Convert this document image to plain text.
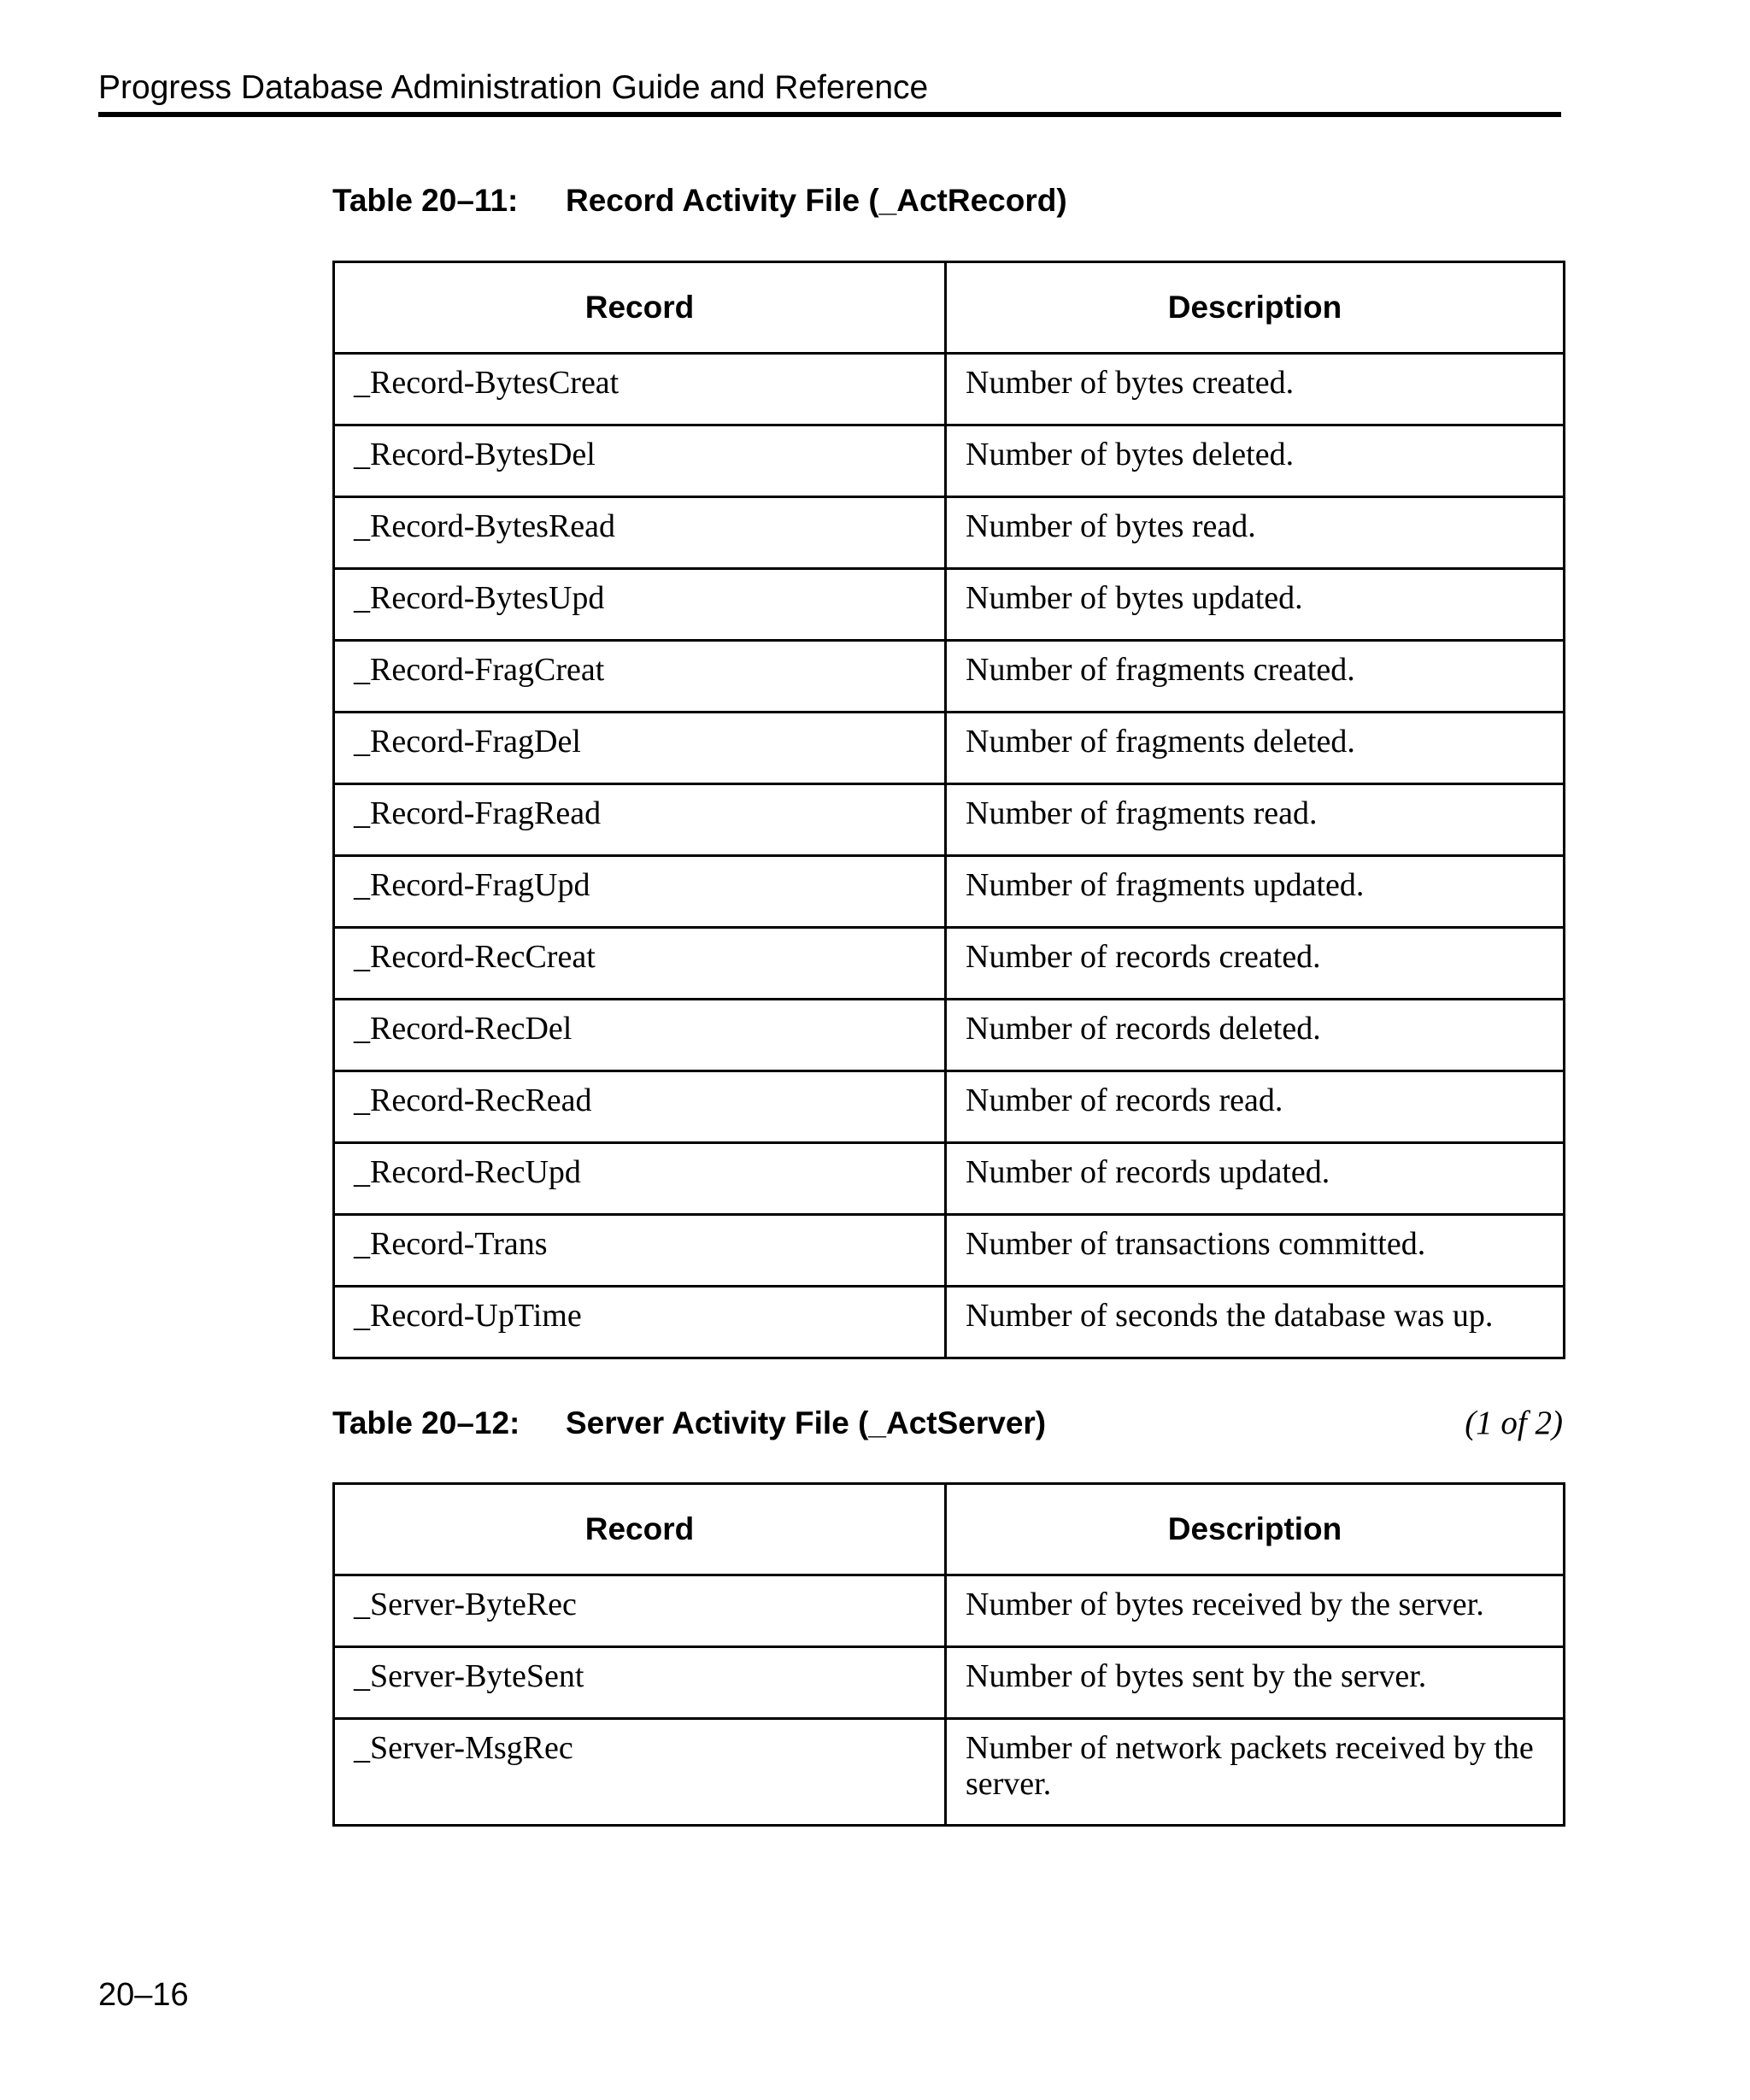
Progress Database Administration Guide and Reference
Table 20–11: Record Activity File (_ActRecord)
Record	Description
_Record-BytesCreat	Number of bytes created.
_Record-BytesDel	Number of bytes deleted.
_Record-BytesRead	Number of bytes read.
_Record-BytesUpd	Number of bytes updated.
_Record-FragCreat	Number of fragments created.
_Record-FragDel	Number of fragments deleted.
_Record-FragRead	Number of fragments read.
_Record-FragUpd	Number of fragments updated.
_Record-RecCreat	Number of records created.
_Record-RecDel	Number of records deleted.
_Record-RecRead	Number of records read.
_Record-RecUpd	Number of records updated.
_Record-Trans	Number of transactions committed.
_Record-UpTime	Number of seconds the database was up.
Table 20–12: Server Activity File (_ActServer)	(1 of 2)
Record	Description
_Server-ByteRec	Number of bytes received by the server.
_Server-ByteSent	Number of bytes sent by the server.
_Server-MsgRec	Number of network packets received by the server.
20–16
